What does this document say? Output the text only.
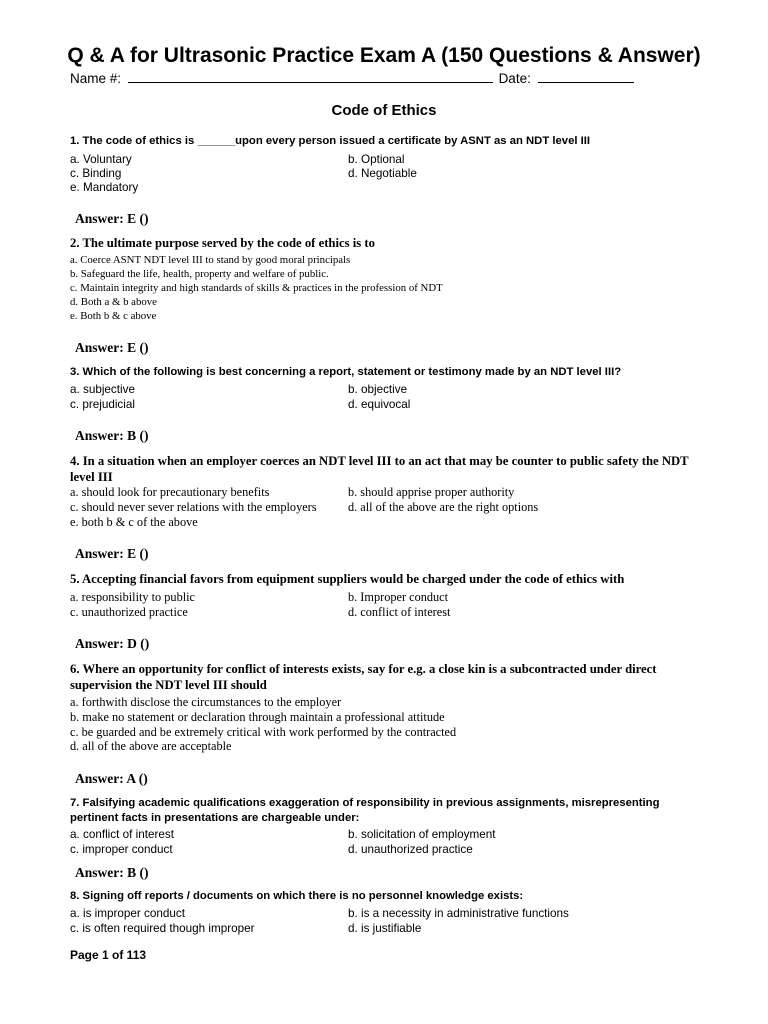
Q & A for Ultrasonic Practice Exam A (150 Questions & Answer)
Name #:	Date:
Code of Ethics
1. The code of ethics is ______upon every person issued a certificate by ASNT as an NDT level III
a. Voluntary	b. Optional
c. Binding	d. Negotiable
e. Mandatory
Answer: E ()
2. The ultimate purpose served by the code of ethics is to
a. Coerce ASNT NDT level III to stand by good moral principals
b. Safeguard the life, health, property and welfare of public.
c. Maintain integrity and high standards of skills & practices in the profession of NDT
d. Both a & b above
e. Both b & c above
Answer: E ()
3. Which of the following is best concerning a report, statement or testimony made by an NDT level III?
a. subjective	b. objective
c. prejudicial	d. equivocal
Answer: B ()
4. In a situation when an employer coerces an NDT level III to an act that may be counter to public safety the NDT level III
a. should look for precautionary benefits	b. should apprise proper authority
c. should never sever relations with the employers	d. all of the above are the right options
e. both b & c of the above
Answer: E ()
5. Accepting financial favors from equipment suppliers would be charged under the code of ethics with
a. responsibility to public	b. Improper conduct
c. unauthorized practice	d. conflict of interest
Answer: D ()
6. Where an opportunity for conflict of interests exists, say for e.g. a close kin is a subcontracted under direct supervision the NDT level III should
a. forthwith disclose the circumstances to the employer
b. make no statement or declaration through maintain a professional attitude
c. be guarded and be extremely critical with work performed by the contracted
d. all of the above are acceptable
Answer: A ()
7. Falsifying academic qualifications exaggeration of responsibility in previous assignments, misrepresenting pertinent facts in presentations are chargeable under:
a. conflict of interest	b. solicitation of employment
c. improper conduct	d. unauthorized practice
Answer: B ()
8. Signing off reports / documents on which there is no personnel knowledge exists:
a. is improper conduct	b. is a necessity in administrative functions
c. is often required though improper	d. is justifiable
Page 1 of 113
